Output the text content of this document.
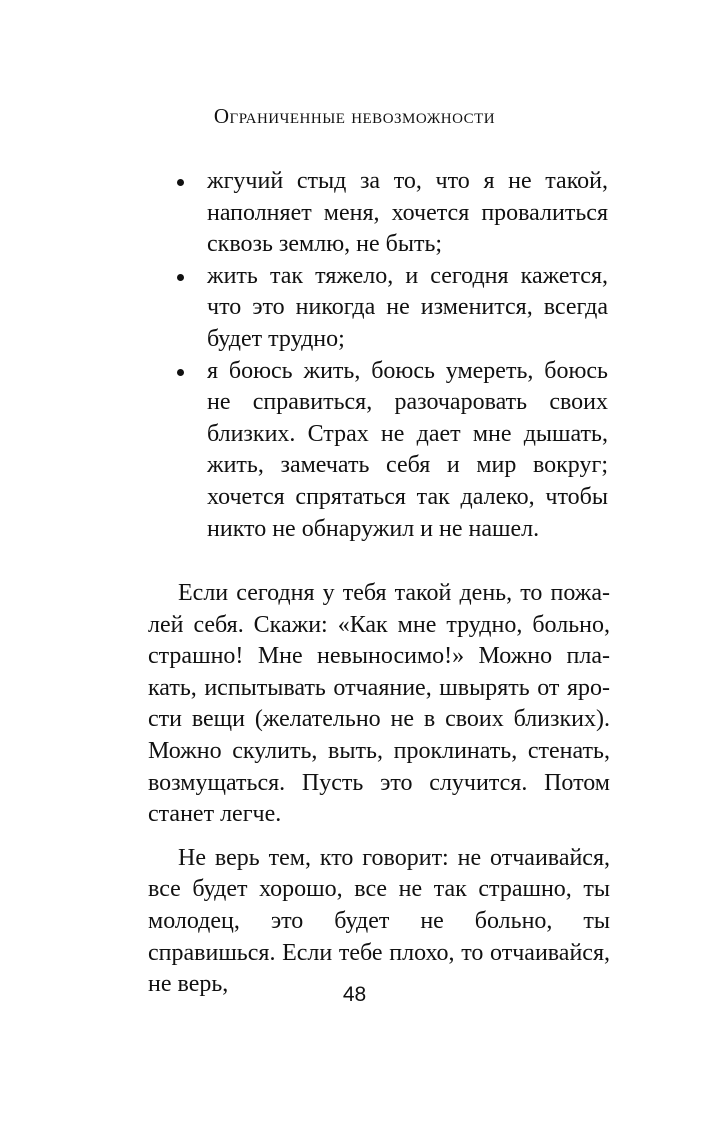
Ограниченные невозможности
жгучий стыд за то, что я не такой, наполняет меня, хочется провалиться сквозь землю, не быть;
жить так тяжело, и сегодня кажется, что это никогда не изменится, всегда будет трудно;
я боюсь жить, боюсь умереть, боюсь не справиться, разочаровать своих близких. Страх не дает мне дышать, жить, замечать себя и мир вокруг; хочется спрятаться так далеко, чтобы никто не обнаружил и не нашел.

Если сегодня у тебя такой день, то пожалей себя. Скажи: «Как мне трудно, больно, страшно! Мне невыносимо!» Можно плакать, испытывать отчаяние, швырять от ярости вещи (желательно не в своих близких). Можно скулить, выть, проклинать, стенать, возмущаться. Пусть это случится. Потом станет легче.

Не верь тем, кто говорит: не отчаивайся, все будет хорошо, все не так страшно, ты молодец, это будет не больно, ты справишься. Если тебе плохо, то отчаивайся, не верь,	48
